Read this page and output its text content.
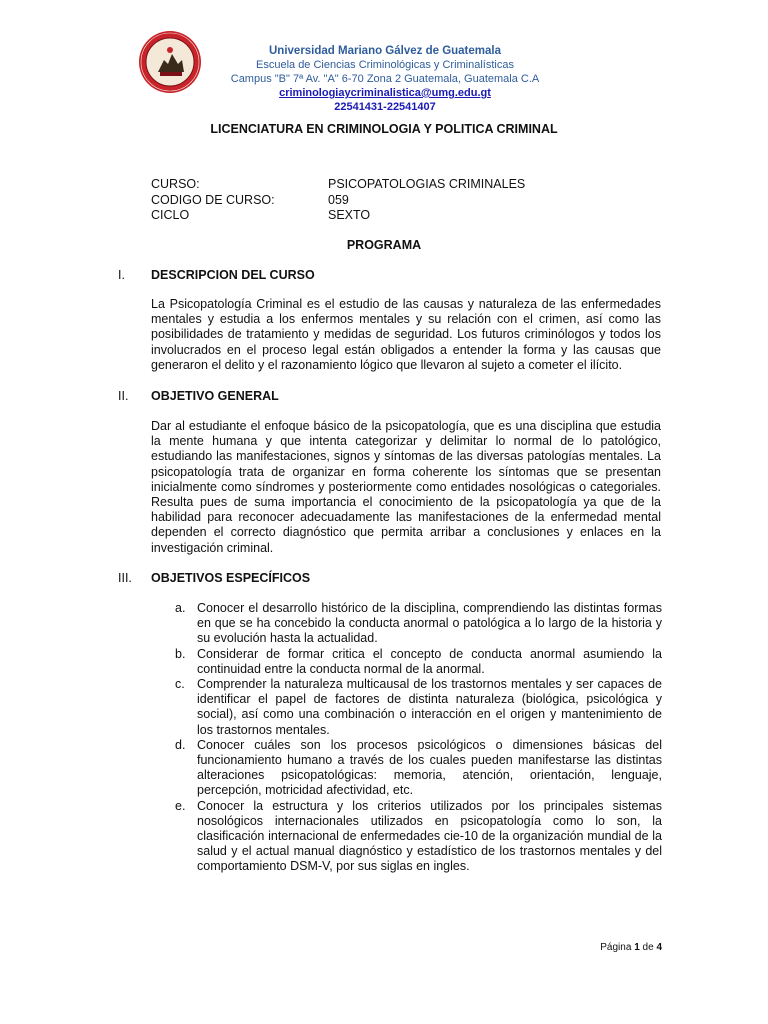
Universidad Mariano Gálvez de Guatemala
Escuela de Ciencias Criminológicas y Criminalísticas
Campus "B" 7ª Av. "A" 6-70 Zona 2 Guatemala, Guatemala C.A
criminologiaycriminalistica@umg.edu.gt
22541431-22541407
LICENCIATURA EN CRIMINOLOGIA Y POLITICA CRIMINAL
CURSO:	PSICOPATOLOGIAS CRIMINALES
CODIGO DE CURSO:	059
CICLO	SEXTO
PROGRAMA
I.	DESCRIPCION DEL CURSO
La Psicopatología Criminal es el estudio de las causas y naturaleza de las enfermedades mentales y estudia a los enfermos mentales y su relación con el crimen, así como las posibilidades de tratamiento y medidas de seguridad. Los futuros criminólogos y todos los involucrados en el proceso legal están obligados a entender la forma y las causas que generaron el delito y el razonamiento lógico que llevaron al sujeto a cometer el ilícito.
II.	OBJETIVO GENERAL
Dar al estudiante el enfoque básico de la psicopatología, que es una disciplina que estudia la mente humana y que intenta categorizar y delimitar lo normal de lo patológico, estudiando las manifestaciones, signos y síntomas de las diversas patologías mentales. La psicopatología trata de organizar en forma coherente los síntomas que se presentan inicialmente como síndromes y posteriormente como entidades nosológicas o categoriales. Resulta pues de suma importancia el conocimiento de la psicopatología ya que de la habilidad para reconocer adecuadamente las manifestaciones de la enfermedad mental dependen el correcto diagnóstico que permita arribar a conclusiones y enlaces en la investigación criminal.
III.	OBJETIVOS ESPECÍFICOS
a. Conocer el desarrollo histórico de la disciplina, comprendiendo las distintas formas en que se ha concebido la conducta anormal o patológica a lo largo de la historia y su evolución hasta la actualidad.
b. Considerar de formar critica el concepto de conducta anormal asumiendo la continuidad entre la conducta normal de la anormal.
c. Comprender la naturaleza multicausal de los trastornos mentales y ser capaces de identificar el papel de factores de distinta naturaleza (biológica, psicológica y social), así como una combinación o interacción en el origen y mantenimiento de los trastornos mentales.
d. Conocer cuáles son los procesos psicológicos o dimensiones básicas del funcionamiento humano a través de los cuales pueden manifestarse las distintas alteraciones psicopatológicas: memoria, atención, orientación, lenguaje, percepción, motricidad afectividad, etc.
e. Conocer la estructura y los criterios utilizados por los principales sistemas nosológicos internacionales utilizados en psicopatología como lo son, la clasificación internacional de enfermedades cie-10 de la organización mundial de la salud y el actual manual diagnóstico y estadístico de los trastornos mentales y del comportamiento DSM-V, por sus siglas en ingles.
Página 1 de 4
